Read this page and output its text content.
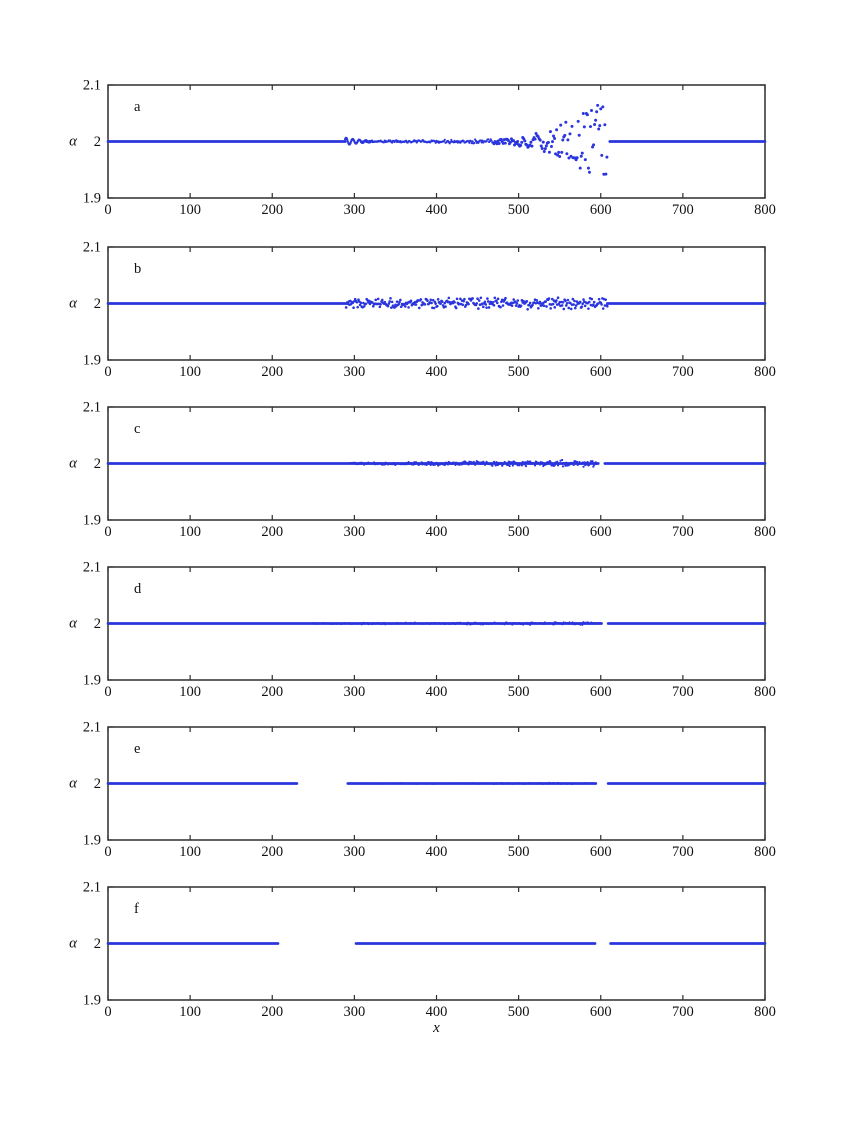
0	100	200	300	400	500	600	700	800
2.1
2
1.9
α
a
0	100	200	300	400	500	600	700	800
2.1
2
1.9
α
b
0	100	200	300	400	500	600	700	800
2.1
2
1.9
α
c
0	100	200	300	400	500	600	700	800
2.1
2
1.9
α
d
0	100	200	300	400	500	600	700	800
2.1
2
1.9
α
e
0	100	200	300	400	500	600	700	800
2.1
2
1.9
α
f
x
